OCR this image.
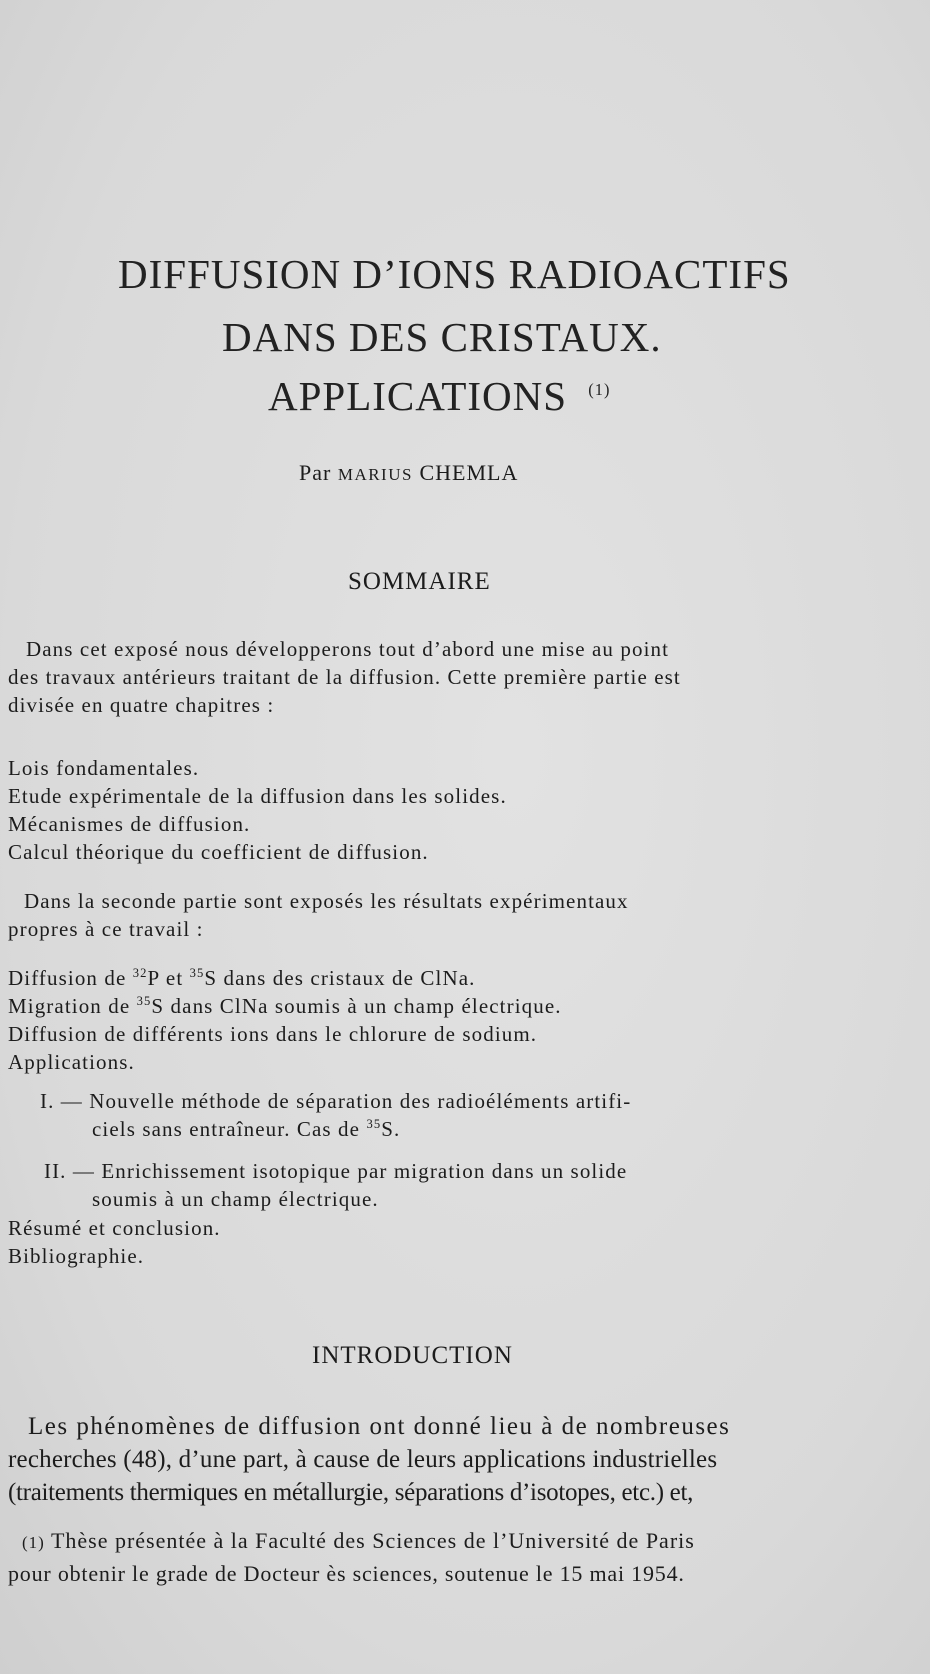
DIFFUSION D’IONS RADIOACTIFS
DANS DES CRISTAUX.
APPLICATIONS $^{(1)}$
Par MARIUS CHEMLA
SOMMAIRE
Dans cet exposé nous développerons tout d’abord une mise au point
des travaux antérieurs traitant de la diffusion. Cette première partie est
divisée en quatre chapitres :
Lois fondamentales.
Etude expérimentale de la diffusion dans les solides.
Mécanismes de diffusion.
Calcul théorique du coefficient de diffusion.
Dans la seconde partie sont exposés les résultats expérimentaux
propres à ce travail :
Diffusion de $^{32}$P et $^{35}$S dans des cristaux de ClNa.
Migration de $^{35}$S dans ClNa soumis à un champ électrique.
Diffusion de différents ions dans le chlorure de sodium.
Applications.
I. — Nouvelle méthode de séparation des radioéléments artifi-
ciels sans entraîneur. Cas de $^{35}$S.
II. — Enrichissement isotopique par migration dans un solide
soumis à un champ électrique.
Résumé et conclusion.
Bibliographie.
INTRODUCTION
Les phénomènes de diffusion ont donné lieu à de nombreuses
recherches (48), d’une part, à cause de leurs applications industrielles
(traitements thermiques en métallurgie, séparations d’isotopes, etc.) et,
(1) Thèse présentée à la Faculté des Sciences de l’Université de Paris
pour obtenir le grade de Docteur ès sciences, soutenue le 15 mai 1954.
